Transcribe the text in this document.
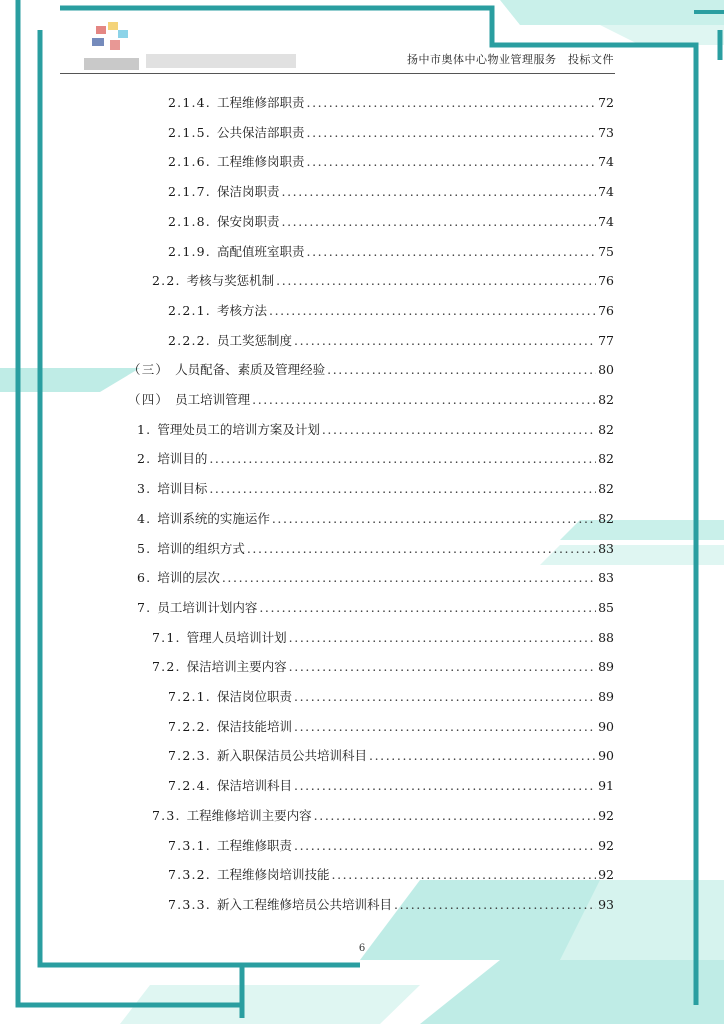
扬中市奥体中心物业管理服务　投标文件
2.1.4. 工程维修部职责 .....	72
2.1.5. 公共保洁部职责 .....	73
2.1.6. 工程维修岗职责 .....	74
2.1.7. 保洁岗职责 .....	74
2.1.8. 保安岗职责 .....	74
2.1.9. 高配值班室职责 .....	75
2.2. 考核与奖惩机制 .....	76
2.2.1. 考核方法 .....	76
2.2.2. 员工奖惩制度 .....	77
（三） 人员配备、素质及管理经验 .....	80
（四） 员工培训管理 .....	82
1. 管理处员工的培训方案及计划 .....	82
2. 培训目的 .....	82
3. 培训目标 .....	82
4. 培训系统的实施运作 .....	82
5. 培训的组织方式 .....	83
6. 培训的层次 .....	83
7. 员工培训计划内容 .....	85
7.1. 管理人员培训计划 .....	88
7.2. 保洁培训主要内容 .....	89
7.2.1. 保洁岗位职责 .....	89
7.2.2. 保洁技能培训 .....	90
7.2.3. 新入职保洁员公共培训科目 .....	90
7.2.4. 保洁培训科目 .....	91
7.3. 工程维修培训主要内容 .....	92
7.3.1. 工程维修职责 .....	92
7.3.2. 工程维修岗培训技能 .....	92
7.3.3. 新入工程维修培员公共培训科目 .....	93
6
